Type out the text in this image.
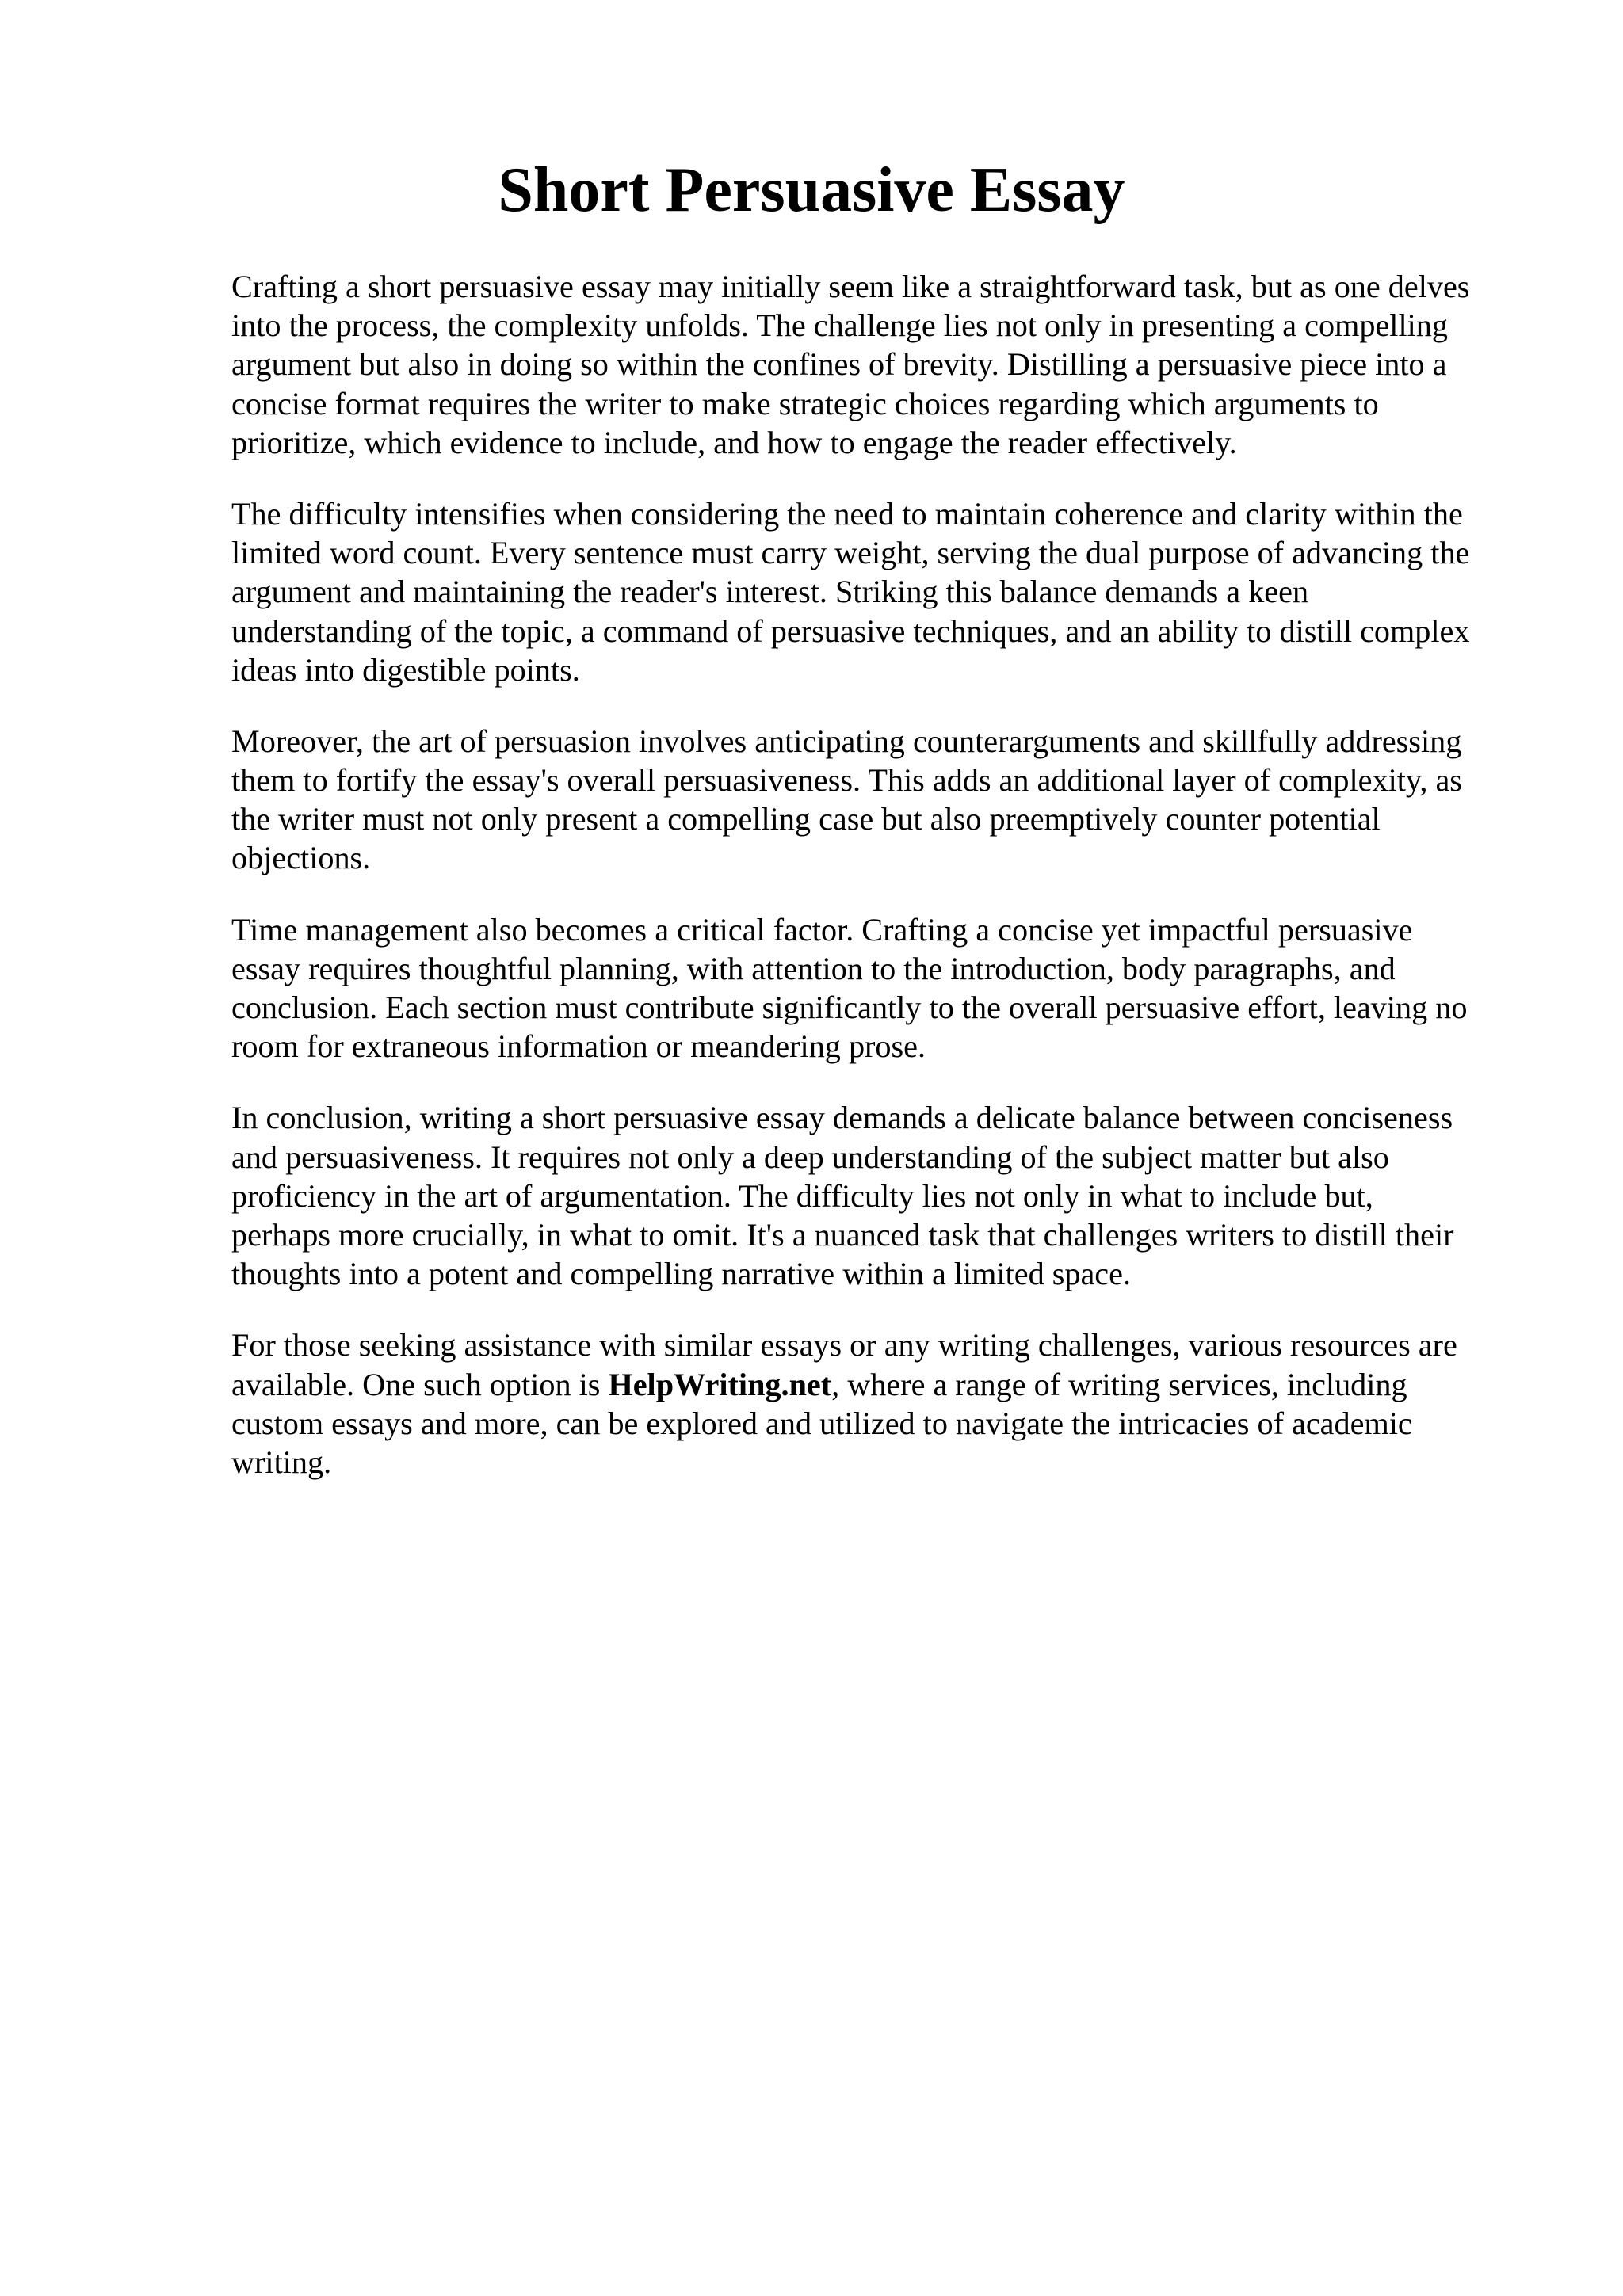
Short Persuasive Essay

Crafting a short persuasive essay may initially seem like a straightforward task, but as one delves
into the process, the complexity unfolds. The challenge lies not only in presenting a compelling
argument but also in doing so within the confines of brevity. Distilling a persuasive piece into a
concise format requires the writer to make strategic choices regarding which arguments to
prioritize, which evidence to include, and how to engage the reader effectively.

The difficulty intensifies when considering the need to maintain coherence and clarity within the
limited word count. Every sentence must carry weight, serving the dual purpose of advancing the
argument and maintaining the reader's interest. Striking this balance demands a keen
understanding of the topic, a command of persuasive techniques, and an ability to distill complex
ideas into digestible points.

Moreover, the art of persuasion involves anticipating counterarguments and skillfully addressing
them to fortify the essay's overall persuasiveness. This adds an additional layer of complexity, as
the writer must not only present a compelling case but also preemptively counter potential
objections.

Time management also becomes a critical factor. Crafting a concise yet impactful persuasive
essay requires thoughtful planning, with attention to the introduction, body paragraphs, and
conclusion. Each section must contribute significantly to the overall persuasive effort, leaving no
room for extraneous information or meandering prose.

In conclusion, writing a short persuasive essay demands a delicate balance between conciseness
and persuasiveness. It requires not only a deep understanding of the subject matter but also
proficiency in the art of argumentation. The difficulty lies not only in what to include but,
perhaps more crucially, in what to omit. It's a nuanced task that challenges writers to distill their
thoughts into a potent and compelling narrative within a limited space.

For those seeking assistance with similar essays or any writing challenges, various resources are
available. One such option is HelpWriting.net, where a range of writing services, including
custom essays and more, can be explored and utilized to navigate the intricacies of academic
writing.
